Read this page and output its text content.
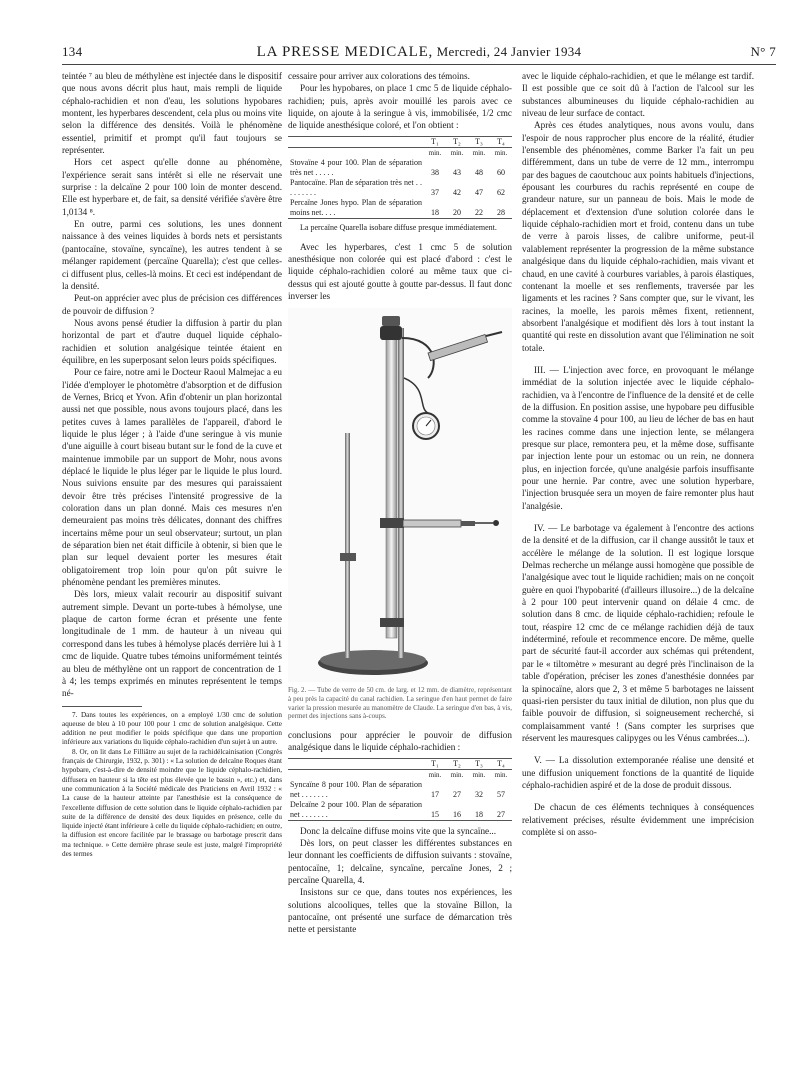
134	LA PRESSE MEDICALE, Mercredi, 24 Janvier 1934	N° 7

teintée ⁷ au bleu de méthylène est injectée dans le dispositif que nous avons décrit plus haut, mais rempli de liquide céphalo-rachidien et non d'eau, les solutions hypobares montent, les hyperbares descendent, cela plus ou moins vite selon la différence des densités. Voilà le phénomène essentiel, primitif et prompt qu'il faut toujours se représenter.

Hors cet aspect qu'elle donne au phénomène, l'expérience serait sans intérêt si elle ne réservait une surprise : la delcaïne 2 pour 100 loin de monter descend. Elle est hyperbare et, de fait, sa densité vérifiée s'avère être 1,0134 ⁸.

En outre, parmi ces solutions, les unes donnent naissance à des veines liquides à bords nets et persistants (pantocaïne, stovaïne, syncaïne), les autres tendent à se mélanger rapidement (percaïne Quarella); c'est que celles-ci diffusent plus, celles-là moins. Et ceci est indépendant de la densité.

Peut-on apprécier avec plus de précision ces différences de pouvoir de diffusion ?

Nous avons pensé étudier la diffusion à partir du plan horizontal de part et d'autre duquel liquide céphalo-rachidien et solution analgésique teintée étaient en équilibre, en les superposant selon leurs poids spécifiques.

Pour ce faire, notre ami le Docteur Raoul Malmejac a eu l'idée d'employer le photomètre d'absorption et de diffusion de Vernes, Bricq et Yvon. Afin d'obtenir un plan horizontal aussi net que possible, nous avons toujours placé, dans les petites cuves à lames parallèles de l'appareil, d'abord le liquide le plus léger ; à l'aide d'une seringue à vis munie d'une aiguille à court biseau butant sur le fond de la cuve et maintenue immobile par un support de Mohr, nous avons déplacé le liquide le plus léger par le liquide le plus lourd. Nous suivions ensuite par des mesures qui paraissaient devoir être très précises l'intensité progressive de la coloration dans un plan donné. Mais ces mesures n'en demeuraient pas moins très délicates, donnant des chiffres incertains même pour un seul observateur; surtout, un plan de séparation bien net était difficile à obtenir, si bien que le plan sur lequel devaient porter les mesures était obligatoirement trop loin pour qu'on pût suivre le phénomène pendant les premières minutes.

Dès lors, mieux valait recourir au dispositif suivant autrement simple. Devant un porte-tubes à hémolyse, une plaque de carton forme écran et présente une fente longitudinale de 1 mm. de hauteur à un niveau qui correspond dans les tubes à hémolyse placés derrière lui à 1 cmc de liquide. Quatre tubes témoins uniformément teintés au bleu de méthylène ont un rapport de concentration de 1 à 4; les temps exprimés en minutes représentent le temps né-

7. Dans toutes les expériences, on a employé 1/30 cmc de solution aqueuse de bleu à 10 pour 100 pour 1 cmc de solution analgésique. Cette addition ne peut modifier le poids spécifique que dans une proportion inférieure aux variations du liquide céphalo-rachidien d'un sujet à un autre.

8. Or, on lit dans Le Filliâtre au sujet de la rachidélcainisation (Congrès français de Chirurgie, 1932, p. 301) : « La solution de delcaïne Roques étant hypobare, c'est-à-dire de densité moindre que le liquide céphalo-rachidien, diffusera en hauteur si la tête est plus élevée que le bassin », etc.) et, dans une communication à la Société médicale des Praticiens en Avril 1932 : « La cause de la hauteur atteinte par l'anesthésie est la conséquence de l'excellente diffusion de cette solution dans le liquide céphalo-rachidien par suite de la différence de densité des deux liquides en présence, celle du liquide injecté étant inférieure à celle du liquide céphalo-rachidien; en outre, la diffusion est encore facilitée par le brassage ou barbotage prescrit dans ma technique. » Cette dernière phrase seule est juste, malgré l'impropriété des termes

cessaire pour arriver aux colorations des témoins.

Pour les hypobares, on place 1 cmc 5 de liquide céphalo-rachidien; puis, après avoir mouillé les parois avec ce liquide, on ajoute à la seringue à vis, immobilisée, 1/2 cmc de liquide anesthésique coloré, et l'on obtient :

	T₁	T₂	T₃	T₄
	min.	min.	min.	min.
Stovaïne 4 pour 100. Plan de séparation très net . . . . .	38	43	48	60
Pantocaïne. Plan de séparation très net . . . . . . . . .	37	42	47	62
Percaïne Jones hypo. Plan de séparation moins net. . . .	18	20	22	28

La percaïne Quarella isobare diffuse presque immédiatement.

Avec les hyperbares, c'est 1 cmc 5 de solution anesthésique non colorée qui est placé d'abord : c'est le liquide céphalo-rachidien coloré au même taux que ci-dessus qui est ajouté goutte à goutte par-dessus. Il faut donc inverser les

Fig. 2. — Tube de verre de 50 cm. de larg. et 12 mm. de diamètre, représentant à peu près la capacité du canal rachidien. La seringue d'en haut permet de faire varier la pression mesurée au manomètre de Claude. La seringue d'en bas, à vis, permet des injections sans à-coups.

conclusions pour apprécier le pouvoir de diffusion analgésique dans le liquide céphalo-rachidien :

	T₁	T₂	T₃	T₄
	min.	min.	min.	min.
Syncaïne 8 pour 100. Plan de séparation net . . . . . . .	17	27	32	57
Delcaïne 2 pour 100. Plan de séparation net . . . . . . .	15	16	18	27

Donc la delcaïne diffuse moins vite que la syncaïne...

Dès lors, on peut classer les différentes substances en leur donnant les coefficients de diffusion suivants : stovaïne, pentocaïne, 1; delcaïne, syncaïne, percaïne Jones, 2 ; percaïne Quarella, 4.

Insistons sur ce que, dans toutes nos expériences, les solutions alcooliques, telles que la stovaïne Billon, la pantocaïne, ont présenté une surface de démarcation très nette et persistante

avec le liquide céphalo-rachidien, et que le mélange est tardif. Il est possible que ce soit dû à l'action de l'alcool sur les substances albumineuses du liquide céphalo-rachidien au niveau de leur surface de contact.

Après ces études analytiques, nous avons voulu, dans l'espoir de nous rapprocher plus encore de la réalité, étudier l'ensemble des phénomènes, comme Barker l'a fait un peu différemment, dans un tube de verre de 12 mm., interrompu par des bagues de caoutchouc aux points habituels d'injections, épousant les courbures du rachis représenté en coupe de grandeur nature, sur un panneau de bois. Mais le mode de déplacement et d'extension d'une solution colorée dans le liquide céphalo-rachidien mort et froid, contenu dans un tube de verre à parois lisses, de calibre uniforme, peut-il valablement représenter la progression de la même substance analgésique dans du liquide céphalo-rachidien, mais vivant et chaud, en une cavité à courbures variables, à parois élastiques, contenant la moelle et ses renflements, traversée par les ligaments et les racines ? Sans compter que, sur le vivant, les racines, la moelle, les parois mêmes fixent, retiennent, absorbent l'analgésique et modifient dès lors à tout instant la quantité qui reste en dissolution avant que l'élimination ne soit totale.

III. — L'injection avec force, en provoquant le mélange immédiat de la solution injectée avec le liquide céphalo-rachidien, va à l'encontre de l'influence de la densité et de celle de la diffusion. En position assise, une hypobare peu diffusible comme la stovaïne 4 pour 100, au lieu de lécher de bas en haut les racines comme dans une injection lente, se mélangera presque sur place, remontera peu, et la même dose, suffisante par injection lente pour un estomac ou un rein, ne donnera plus, en injection forcée, qu'une analgésie parfois insuffisante pour une hernie. Par contre, avec une solution hyperbare, l'injection brusquée sera un moyen de faire remonter plus haut l'analgésie.

IV. — Le barbotage va également à l'encontre des actions de la densité et de la diffusion, car il change aussitôt le taux et accélère le mélange de la solution. Il est logique lorsque Delmas recherche un mélange aussi homogène que possible de l'analgésique avec tout le liquide rachidien; mais on ne conçoit guère en quoi l'hypobarité (d'ailleurs illusoire...) de la delcaïne à 2 pour 100 peut intervenir quand on délaie 4 cmc. de solution dans 8 cmc. de liquide céphalo-rachidien; refoule le tout, réaspire 12 cmc de ce mélange rachidien déjà de taux indéterminé, refoule et recommence encore. De même, quelle part de sécurité faut-il accorder aux schémas qui prétendent, par le « tiltomètre » mesurant au degré près l'inclinaison de la table d'opération, préciser les zones d'anesthésie données par la spinocaïne, alors que 2, 3 et même 5 barbotages ne laissent quasi-rien persister du taux initial de dilution, non plus que du faible pouvoir de diffusion, si soigneusement recherché, si complaisamment vanté ! (Sans compter les surprises que réservent les mauresques calipyges ou les Vénus cambrées...).

V. — La dissolution extemporanée réalise une densité et une diffusion uniquement fonctions de la quantité de liquide céphalo-rachidien aspiré et de la dose de produit dissous.

De chacun de ces éléments techniques à conséquences relativement précises, résulte évidemment une imprécision complète si on asso-
